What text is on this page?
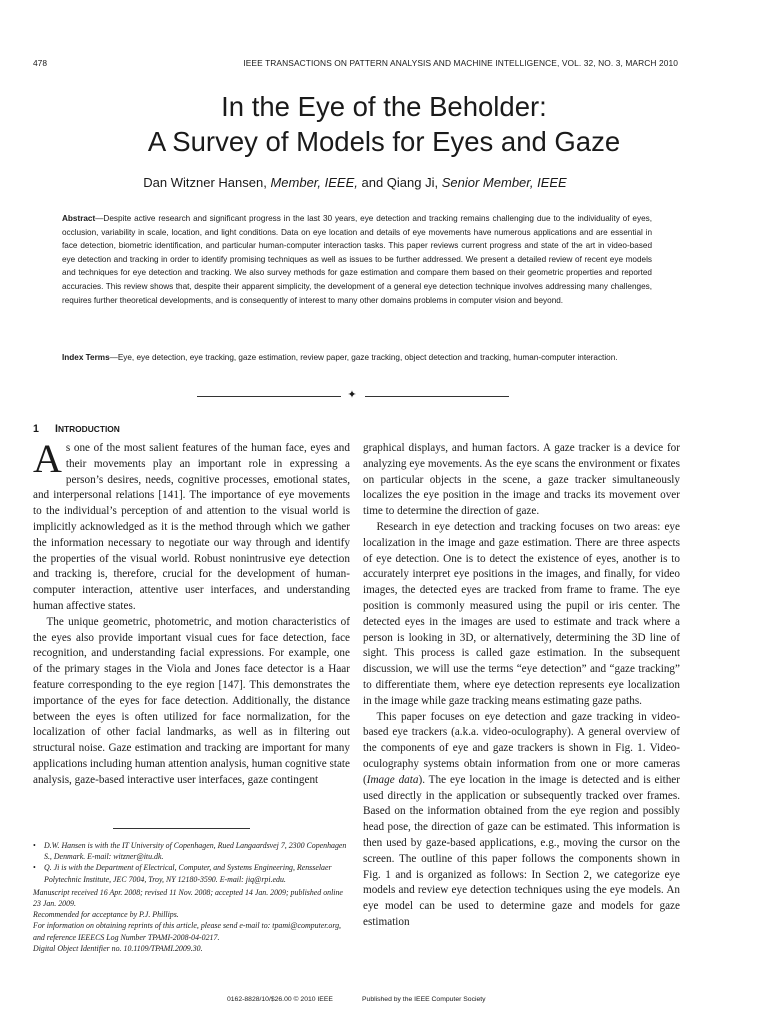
478	IEEE TRANSACTIONS ON PATTERN ANALYSIS AND MACHINE INTELLIGENCE, VOL. 32, NO. 3, MARCH 2010
In the Eye of the Beholder:
A Survey of Models for Eyes and Gaze
Dan Witzner Hansen, Member, IEEE, and Qiang Ji, Senior Member, IEEE
Abstract—Despite active research and significant progress in the last 30 years, eye detection and tracking remains challenging due to the individuality of eyes, occlusion, variability in scale, location, and light conditions. Data on eye location and details of eye movements have numerous applications and are essential in face detection, biometric identification, and particular human-computer interaction tasks. This paper reviews current progress and state of the art in video-based eye detection and tracking in order to identify promising techniques as well as issues to be further addressed. We present a detailed review of recent eye models and techniques for eye detection and tracking. We also survey methods for gaze estimation and compare them based on their geometric properties and reported accuracies. This review shows that, despite their apparent simplicity, the development of a general eye detection technique involves addressing many challenges, requires further theoretical developments, and is consequently of interest to many other domains problems in computer vision and beyond.
Index Terms—Eye, eye detection, eye tracking, gaze estimation, review paper, gaze tracking, object detection and tracking, human-computer interaction.
✦
1 INTRODUCTION

As one of the most salient features of the human face, eyes and their movements play an important role in expressing a person’s desires, needs, cognitive processes, emotional states, and interpersonal relations [141]. The importance of eye movements to the individual’s perception of and attention to the visual world is implicitly acknowledged as it is the method through which we gather the information necessary to negotiate our way through and identify the properties of the visual world. Robust nonintrusive eye detection and tracking is, therefore, crucial for the development of human-computer interaction, attentive user interfaces, and understanding human affective states.

The unique geometric, photometric, and motion characteristics of the eyes also provide important visual cues for face detection, face recognition, and understanding facial expressions. For example, one of the primary stages in the Viola and Jones face detector is a Haar feature corresponding to the eye region [147]. This demonstrates the importance of the eyes for face detection. Additionally, the distance between the eyes is often utilized for face normalization, for the localization of other facial landmarks, as well as in filtering out structural noise. Gaze estimation and tracking are important for many applications including human attention analysis, human cognitive state analysis, gaze-based interactive user interfaces, gaze contingent

graphical displays, and human factors. A gaze tracker is a device for analyzing eye movements. As the eye scans the environment or fixates on particular objects in the scene, a gaze tracker simultaneously localizes the eye position in the image and tracks its movement over time to determine the direction of gaze.

Research in eye detection and tracking focuses on two areas: eye localization in the image and gaze estimation. There are three aspects of eye detection. One is to detect the existence of eyes, another is to accurately interpret eye positions in the images, and finally, for video images, the detected eyes are tracked from frame to frame. The eye position is commonly measured using the pupil or iris center. The detected eyes in the images are used to estimate and track where a person is looking in 3D, or alternatively, determining the 3D line of sight. This process is called gaze estimation. In the subsequent discussion, we will use the terms “eye detection” and “gaze tracking” to differentiate them, where eye detection represents eye localization in the image while gaze tracking means estimating gaze paths.

This paper focuses on eye detection and gaze tracking in video-based eye trackers (a.k.a. video-oculography). A general overview of the components of eye and gaze trackers is shown in Fig. 1. Video-oculography systems obtain information from one or more cameras (Image data). The eye location in the image is detected and is either used directly in the application or subsequently tracked over frames. Based on the information obtained from the eye region and possibly head pose, the direction of gaze can be estimated. This information is then used by gaze-based applications, e.g., moving the cursor on the screen. The outline of this paper follows the components shown in Fig. 1 and is organized as follows: In Section 2, we categorize eye models and review eye detection techniques using the eye models. An eye model can be used to determine gaze and models for gaze estimation

•	D.W. Hansen is with the IT University of Copenhagen, Rued Langaardsvej 7, 2300 Copenhagen S., Denmark. E-mail: witzner@itu.dk.
•	Q. Ji is with the Department of Electrical, Computer, and Systems Engineering, Rensselaer Polytechnic Institute, JEC 7004, Troy, NY 12180-3590. E-mail: jiq@rpi.edu.
Manuscript received 16 Apr. 2008; revised 11 Nov. 2008; accepted 14 Jan. 2009; published online 23 Jan. 2009.
Recommended for acceptance by P.J. Phillips.
For information on obtaining reprints of this article, please send e-mail to: tpami@computer.org, and reference IEEECS Log Number TPAMI-2008-04-0217.
Digital Object Identifier no. 10.1109/TPAMI.2009.30.
0162-8828/10/$26.00 © 2010 IEEE	Published by the IEEE Computer Society
